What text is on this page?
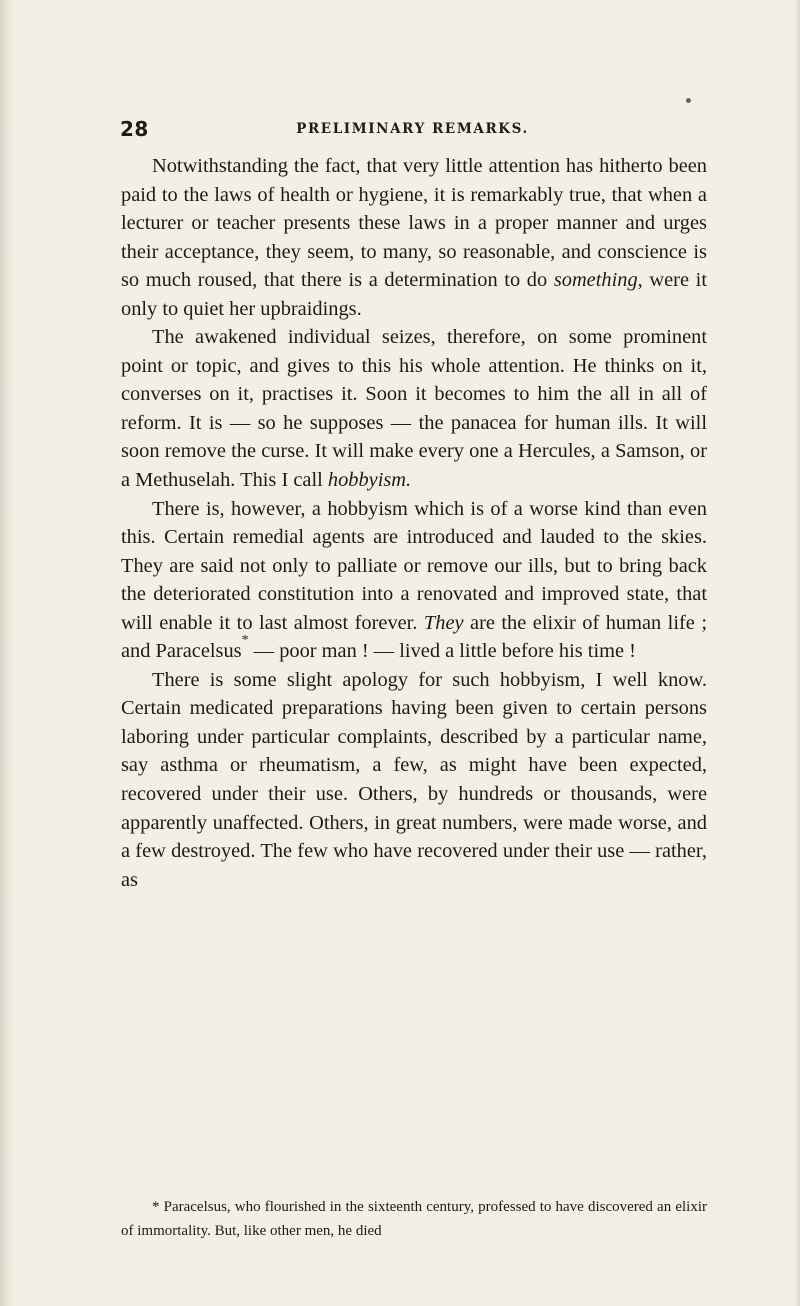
28	PRELIMINARY REMARKS.

Notwithstanding the fact, that very little attention has hitherto been paid to the laws of health or hygiene, it is remarkably true, that when a lecturer or teacher presents these laws in a proper manner and urges their acceptance, they seem, to many, so reasonable, and conscience is so much roused, that there is a determination to do something, were it only to quiet her upbraidings.

The awakened individual seizes, therefore, on some prominent point or topic, and gives to this his whole attention. He thinks on it, converses on it, practises it. Soon it becomes to him the all in all of reform. It is — so he supposes — the panacea for human ills. It will soon remove the curse. It will make every one a Hercules, a Samson, or a Methuselah. This I call hobbyism.

There is, however, a hobbyism which is of a worse kind than even this. Certain remedial agents are introduced and lauded to the skies. They are said not only to palliate or remove our ills, but to bring back the deteriorated constitution into a renovated and improved state, that will enable it to last almost forever. They are the elixir of human life ; and Paracelsus* — poor man ! — lived a little before his time !

There is some slight apology for such hobbyism, I well know. Certain medicated preparations having been given to certain persons laboring under particular complaints, described by a particular name, say asthma or rheumatism, a few, as might have been expected, recovered under their use. Others, by hundreds or thousands, were apparently unaffected. Others, in great numbers, were made worse, and a few destroyed. The few who have recovered under their use — rather, as

* Paracelsus, who flourished in the sixteenth century, professed to have discovered an elixir of immortality. But, like other men, he died
